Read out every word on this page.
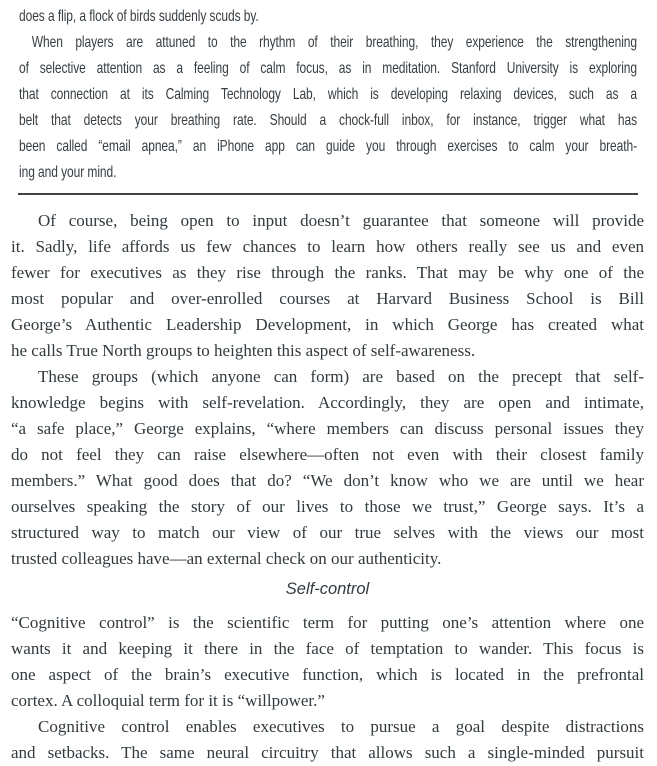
does a flip, a flock of birds suddenly scuds by.
When players are attuned to the rhythm of their breathing, they experience the strengthening
of selective attention as a feeling of calm focus, as in meditation. Stanford University is exploring
that connection at its Calming Technology Lab, which is developing relaxing devices, such as a
belt that detects your breathing rate. Should a chock-full inbox, for instance, trigger what has
been called “email apnea,” an iPhone app can guide you through exercises to calm your breath-
ing and your mind.
Of course, being open to input doesn’t guarantee that someone will provide
it. Sadly, life affords us few chances to learn how others really see us and even
fewer for executives as they rise through the ranks. That may be why one of the
most popular and over-enrolled courses at Harvard Business School is Bill
George’s Authentic Leadership Development, in which George has created what
he calls True North groups to heighten this aspect of self-awareness.
These groups (which anyone can form) are based on the precept that self-
knowledge begins with self-revelation. Accordingly, they are open and intimate,
“a safe place,” George explains, “where members can discuss personal issues they
do not feel they can raise elsewhere—often not even with their closest family
members.” What good does that do? “We don’t know who we are until we hear
ourselves speaking the story of our lives to those we trust,” George says. It’s a
structured way to match our view of our true selves with the views our most
trusted colleagues have—an external check on our authenticity.
Self-control
“Cognitive control” is the scientific term for putting one’s attention where one
wants it and keeping it there in the face of temptation to wander. This focus is
one aspect of the brain’s executive function, which is located in the prefrontal
cortex. A colloquial term for it is “willpower.”
Cognitive control enables executives to pursue a goal despite distractions
and setbacks. The same neural circuitry that allows such a single-minded pursuit
